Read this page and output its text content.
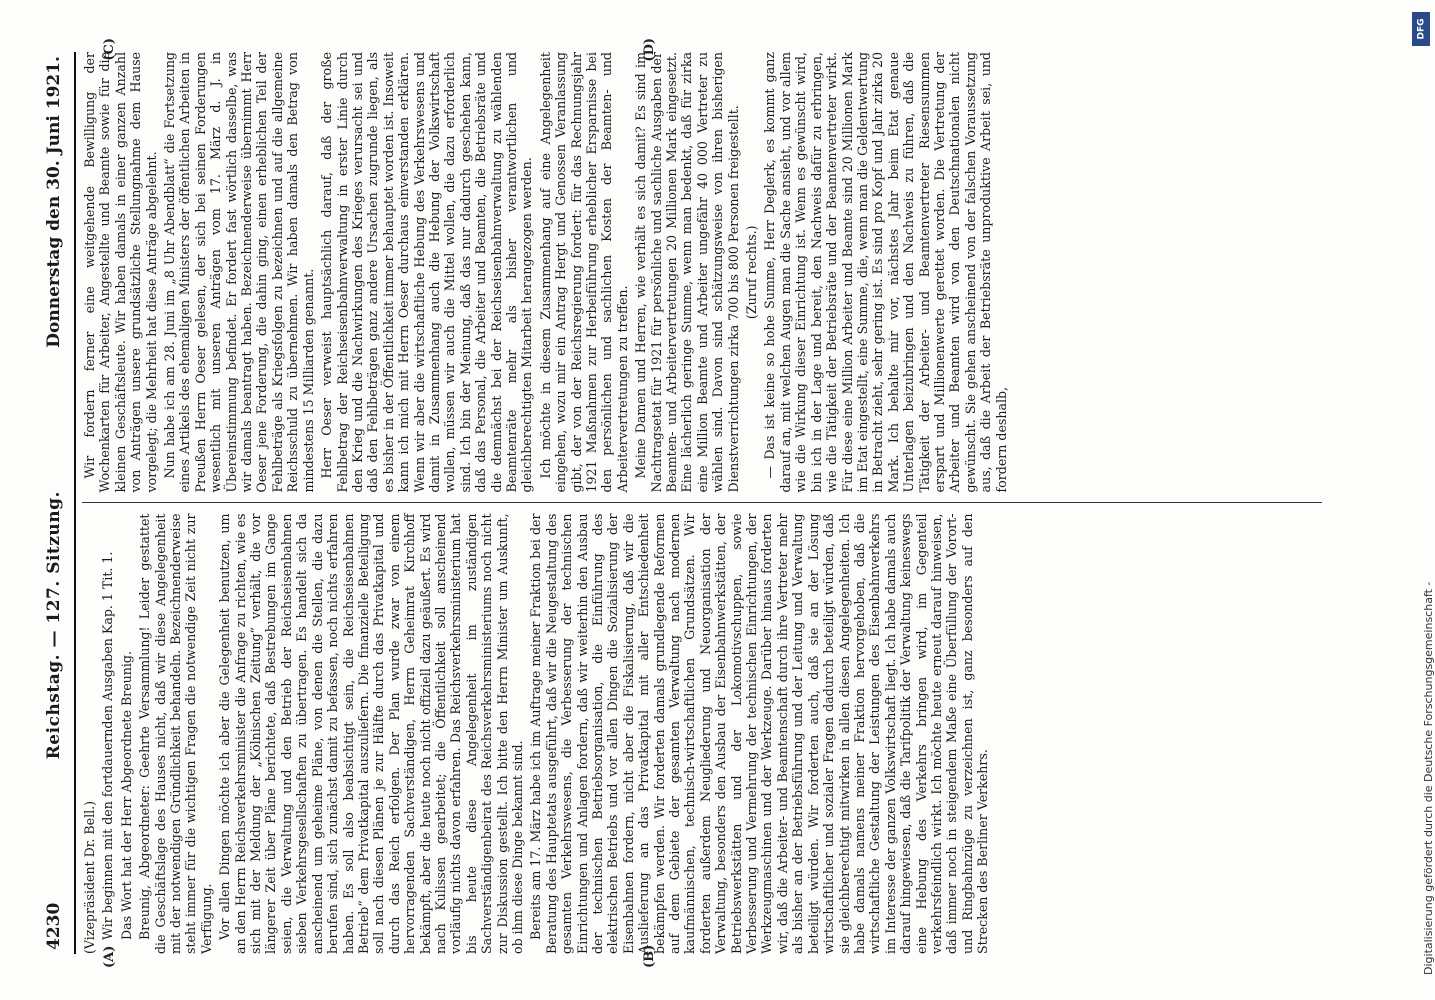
4230
Reichstag. — 127. Sitzung.
Donnerstag den 30. Juni 1921.
(A)	(B)

(Vizepräsident Dr. Bell.) Wir beginnen mit den fortdauernden Ausgaben Kap. 1 Tit. 1. Das Wort hat der Herr Abgeordnete Breunig. Breunig, Abgeordneter: Geehrte Versammlung! Leider gestattet die Geschäftslage des Hauses nicht, daß wir diese Angelegenheit mit der notwendigen Gründlichkeit behandeln. Bezeichnenderweise steht immer für die wichtigen Fragen die notwendige Zeit nicht zur Verfügung. Vor allen Dingen möchte ich aber die Gelegenheit benutzen, um an den Herrn Reichsverkehrsminister die Anfrage zu richten, wie es sich mit der Meldung der „Kölnischen Zeitung“ verhält, die vor längerer Zeit über Pläne berichtete, daß Bestrebungen im Gange seien, die Verwaltung und den Betrieb der Reichseisenbahnen sieben Verkehrsgesellschaften zu übertragen. Es handelt sich da anscheinend um geheime Pläne, von denen die Stellen, die dazu berufen sind, sich zunächst damit zu befassen, noch nichts erfahren haben. Es soll also beabsichtigt sein, die Reichseisenbahnen Betrieb“ dem Privatkapital auszuliefern. Die finanzielle Beteiligung soll nach diesen Plänen je zur Hälfte durch das Privatkapital und durch das Reich erfolgen. Der Plan wurde zwar von einem hervorragenden Sachverständigen, Herrn Geheimrat Kirchhoff bekämpft, aber die heute noch nicht offiziell dazu geäußert. Es wird nach Kulissen gearbeitet; die Öffentlichkeit soll anscheinend vorläufig nichts davon erfahren. Das Reichsverkehrsministerium hat bis heute diese Angelegenheit im zuständigen Sachverständigenbeirat des Reichsverkehrsministeriums noch nicht zur Diskussion gestellt. Ich bitte den Herrn Minister um Auskunft, ob ihm diese Dinge bekannt sind. Bereits am 17. März habe ich im Auftrage meiner Fraktion bei der Beratung des Hauptetats ausgeführt, daß wir die Neugestaltung des gesamten Verkehrswesens, die Verbesserung der technischen Einrichtungen und Anlagen fordern, daß wir weiterhin den Ausbau der technischen Betriebsorganisation, die Einführung des elektrischen Betriebs und vor allen Dingen die Sozialisierung der Eisenbahnen fordern, nicht aber die Fiskalisierung, daß wir die Auslieferung an das Privatkapital mit aller Entschiedenheit bekämpfen werden. Wir forderten damals grundlegende Reformen auf dem Gebiete der gesamten Verwaltung nach modernen kaufmännischen, technisch-wirtschaftlichen Grundsätzen. Wir forderten außerdem Neugliederung und Neuorganisation der Verwaltung, besonders den Ausbau der Eisenbahnwerkstätten, der Betriebswerkstätten und der Lokomotivschuppen, sowie Verbesserung und Vermehrung der technischen Einrichtungen, der Werkzeugmaschinen und der Werkzeuge. Darüber hinaus forderten wir, daß die Arbeiter- und Beamtenschaft durch ihre Vertreter mehr als bisher an der Betriebsführung und der Leitung und Verwaltung beteiligt würden. Wir forderten auch, daß sie an der Lösung wirtschaftlicher und sozialer Fragen dadurch beteiligt würden, daß sie gleichberechtigt mitwirken in allen diesen Angelegenheiten. Ich habe damals namens meiner Fraktion hervorgehoben, daß die wirtschaftliche Gestaltung der Leistungen des Eisenbahnverkehrs im Interesse der ganzen Volkswirtschaft liegt. Ich habe damals auch darauf hingewiesen, daß die Tarifpolitik der Verwaltung keineswegs eine Hebung des Verkehrs bringen wird, im Gegenteil verkehrsfeindlich wirkt. Ich möchte heute erneut darauf hinweisen, daß immer noch in steigendem Maße eine Überfüllung der Vorort- und Ringbahnzüge zu verzeichnen ist, ganz besonders auf den Strecken des Berliner Verkehrs.

(C)	(D)

Wir fordern ferner eine weitgehende Bewilligung der Wochenkarten für Arbeiter, Angestellte und Beamte sowie für die kleinen Geschäftsleute. Wir haben damals in einer ganzen Anzahl von Anträgen unsere grundsätzliche Stellungnahme dem Hause vorgelegt; die Mehrheit hat diese Anträge abgelehnt. Nun habe ich am 28. Juni im „8 Uhr Abendblatt“ die Fortsetzung eines Artikels des ehemaligen Ministers der öffentlichen Arbeiten in Preußen Herrn Oeser gelesen, der sich bei seinen Forderungen wesentlich mit unseren Anträgen vom 17. März d. J. in Übereinstimmung befindet. Er fordert fast wörtlich dasselbe, was wir damals beantragt haben. Bezeichnenderweise übernimmt Herr Oeser jene Forderung, die dahin ging, einen erheblichen Teil der Fehlbeträge als Kriegsfolgen zu bezeichnen und auf die allgemeine Reichsschuld zu übernehmen. Wir haben damals den Betrag von mindestens 15 Milliarden genannt. Herr Oeser verweist hauptsächlich darauf, daß der große Fehlbetrag der Reichseisenbahnverwaltung in erster Linie durch den Krieg und die Nachwirkungen des Krieges verursacht sei und daß den Fehlbeträgen ganz andere Ursachen zugrunde liegen, als es bisher in der Öffentlichkeit immer behauptet worden ist. Insoweit kann ich mich mit Herrn Oeser durchaus einverstanden erklären. Wenn wir aber die wirtschaftliche Hebung des Verkehrswesens und damit in Zusammenhang auch die Hebung der Volkswirtschaft wollen, müssen wir auch die Mittel wollen, die dazu erforderlich sind. Ich bin der Meinung, daß das nur dadurch geschehen kann, daß das Personal, die Arbeiter und Beamten, die Betriebsräte und die demnächst bei der Reichseisenbahnverwaltung zu wählenden Beamtenräte mehr als bisher verantwortlichen und gleichberechtigten Mitarbeit herangezogen werden. Ich möchte in diesem Zusammenhang auf eine Angelegenheit eingehen, wozu mir ein Antrag Hergt und Genossen Veranlassung gibt, der von der Reichsregierung fordert: für das Rechnungsjahr 1921 Maßnahmen zur Herbeiführung erheblicher Ersparnisse bei den persönlichen und sachlichen Kosten der Beamten- und Arbeitervertretungen zu treffen. Meine Damen und Herren, wie verhält es sich damit? Es sind im Nachtragsetat für 1921 für persönliche und sachliche Ausgaben der Beamten- und Arbeitervertretungen 20 Millionen Mark eingesetzt. Eine lächerlich geringe Summe, wenn man bedenkt, daß für zirka eine Million Beamte und Arbeiter ungefähr 40 000 Vertreter zu wählen sind. Davon sind schätzungsweise von ihren bisherigen Dienstverrichtungen zirka 700 bis 800 Personen freigestellt. (Zuruf rechts.) — Das ist keine so hohe Summe, Herr Deglerk, es kommt ganz darauf an, mit welchen Augen man die Sache ansieht, und vor allem wie die Wirkung dieser Einrichtung ist. Wenn es gewünscht wird, bin ich in der Lage und bereit, den Nachweis dafür zu erbringen, wie die Tätigkeit der Betriebsräte und der Beamtenvertreter wirkt. Für diese eine Million Arbeiter und Beamte sind 20 Millionen Mark im Etat eingestellt, eine Summe, die, wenn man die Geldentwertung in Betracht zieht, sehr gering ist. Es sind pro Kopf und Jahr zirka 20 Mark. Ich behalte mir vor, nächstes Jahr beim Etat genaue Unterlagen beizubringen und den Nachweis zu führen, daß die Tätigkeit der Arbeiter- und Beamtenvertreter Riesensummen erspart und Millionenwerte gerettet worden. Die Vertretung der Arbeiter und Beamten wird von den Deutschnationalen nicht gewünscht. Sie gehen anscheinend von der falschen Voraussetzung aus, daß die Arbeit der Betriebsräte unproduktive Arbeit sei, und fordern deshalb,

DFG
Digitalisierung gefördert durch die Deutsche Forschungsgemeinschaft -
